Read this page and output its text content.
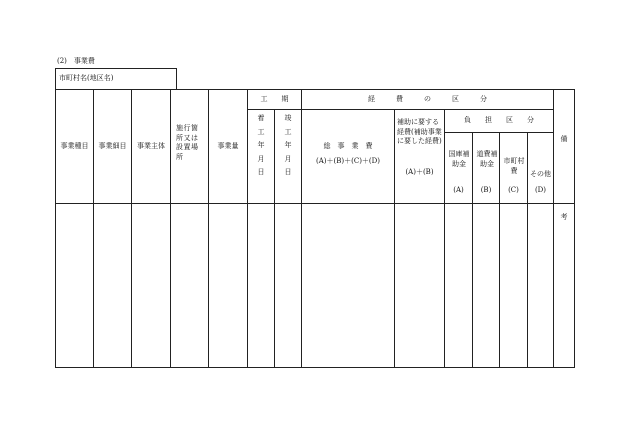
(2)　事業費
市町村名(地区名)
事業種目	事業細目	事業主体
施行箇所又は設置場所
事業量
工　　期
着工年月日
竣工年月日
経　　　費　　　の　　　区　　　分
総　事　業　費
(A)＋(B)＋(C)＋(D)
補助に要する経費(補助事業に要した経費)
(A)＋(B)
負　　担　　区　　分
国庫補助金
(A)
道費補助金
(B)
市町村費
(C)
その他
(D)
備考
